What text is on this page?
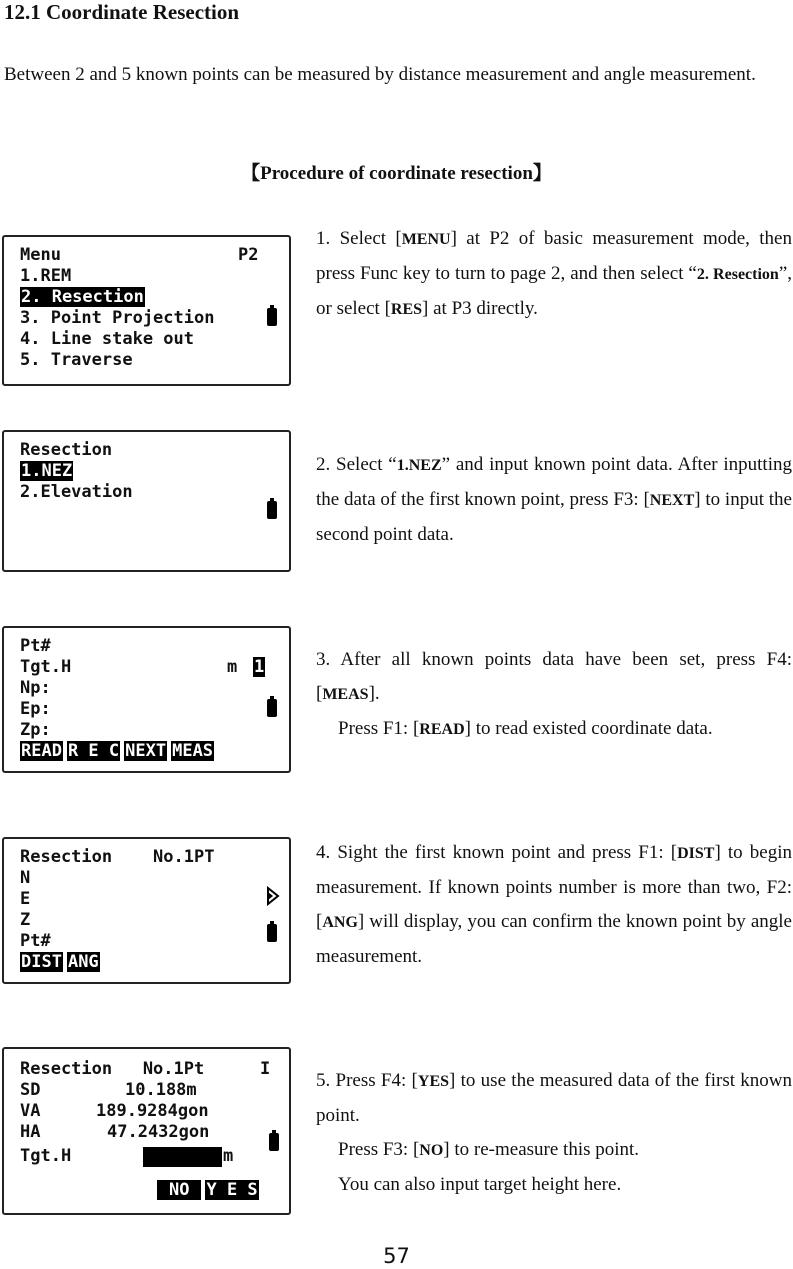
12.1 Coordinate Resection
Between 2 and 5 known points can be measured by distance measurement and angle measurement.
【Procedure of coordinate resection】
Menu	P2
1.REM
2. Resection
3. Point Projection
4. Line stake out
5. Traverse
Resection
1.NEZ
2.Elevation
Pt#
Tgt.H	m 1
Np:
Ep:
Zp:
READ R E C NEXT MEAS
Resection    No.1PT
N
E
Z
Pt#
DIST ANG
Resection   No.1Pt	I
SD	10.188m
VA	189.9284gon
HA	47.2432gon
Tgt.H	m
NO Y E S
1. Select [MENU] at P2 of basic measurement mode, then press Func key to turn to page 2, and then select “2. Resection”, or select [RES] at P3 directly.
2. Select “1.NEZ” and input known point data. After inputting the data of the first known point, press F3: [NEXT] to input the second point data.
3. After all known points data have been set, press F4: [MEAS].
Press F1: [READ] to read existed coordinate data.
4. Sight the first known point and press F1: [DIST] to begin measurement. If known points number is more than two, F2: [ANG] will display, you can confirm the known point by angle measurement.
5. Press F4: [YES] to use the measured data of the first known point.
Press F3: [NO] to re-measure this point.
You can also input target height here.
57
